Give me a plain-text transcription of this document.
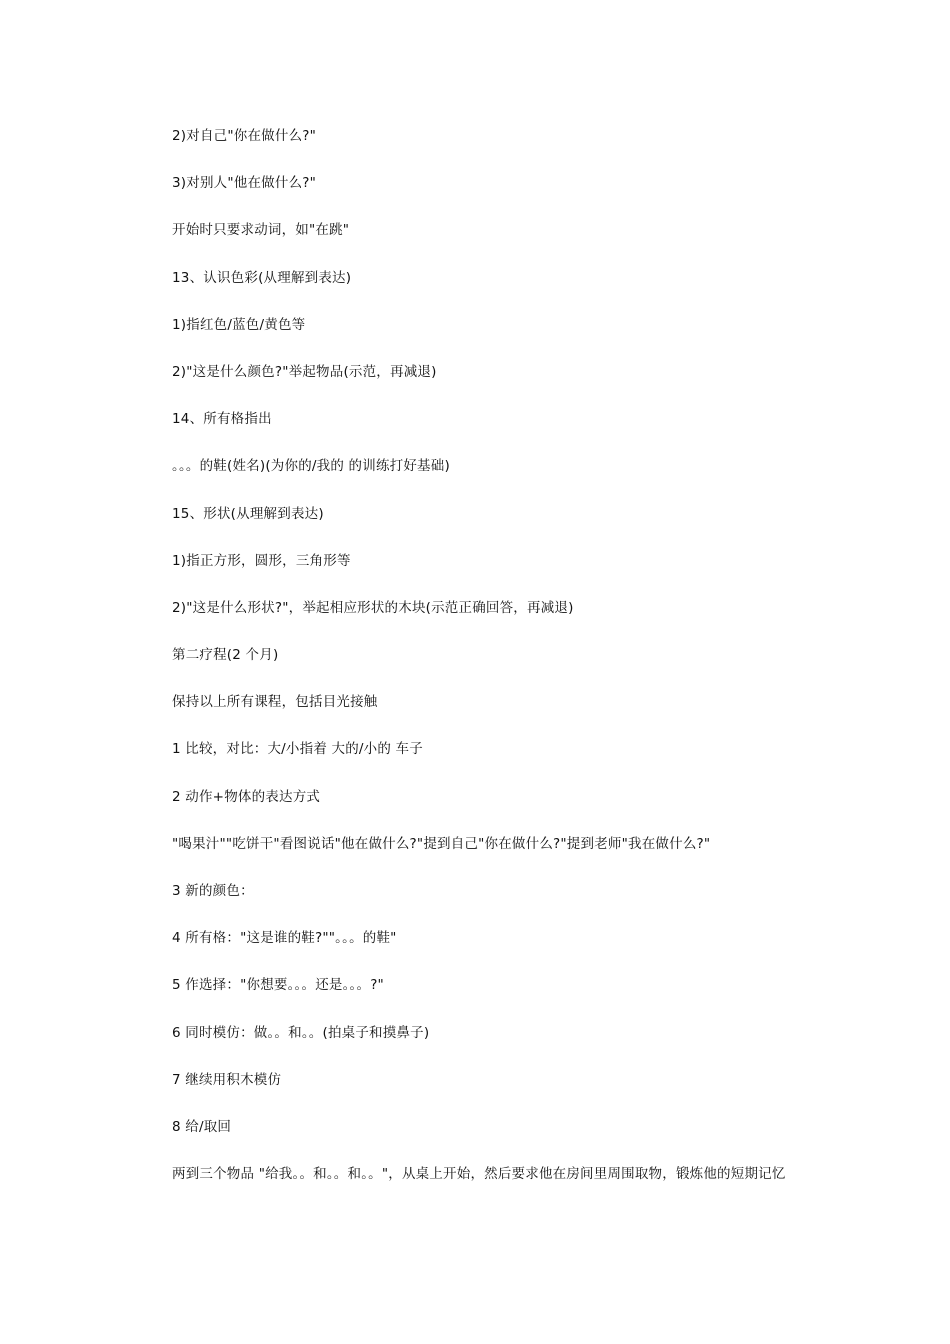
2)对自己"你在做什么?"
3)对别人"他在做什么?"
开始时只要求动词，如"在跳"
13、认识色彩(从理解到表达)
1)指红色/蓝色/黄色等
2)"这是什么颜色?"举起物品(示范，再减退)
14、所有格指出
。。。的鞋(姓名)(为你的/我的 的训练打好基础)
15、形状(从理解到表达)
1)指正方形，圆形，三角形等
2)"这是什么形状?"，举起相应形状的木块(示范正确回答，再减退)
第二疗程(2 个月)
保持以上所有课程，包括目光接触
1 比较，对比：大/小指着 大的/小的 车子
2 动作+物体的表达方式
"喝果汁""吃饼干"看图说话"他在做什么?"提到自己"你在做什么?"提到老师"我在做什么?"
3 新的颜色：
4 所有格："这是谁的鞋?""。。。的鞋"
5 作选择："你想要。。。还是。。。?"
6 同时模仿：做。。和。。(拍桌子和摸鼻子)
7 继续用积木模仿
8 给/取回
两到三个物品 "给我。。和。。和。。"，从桌上开始，然后要求他在房间里周围取物，锻炼他的短期记忆
